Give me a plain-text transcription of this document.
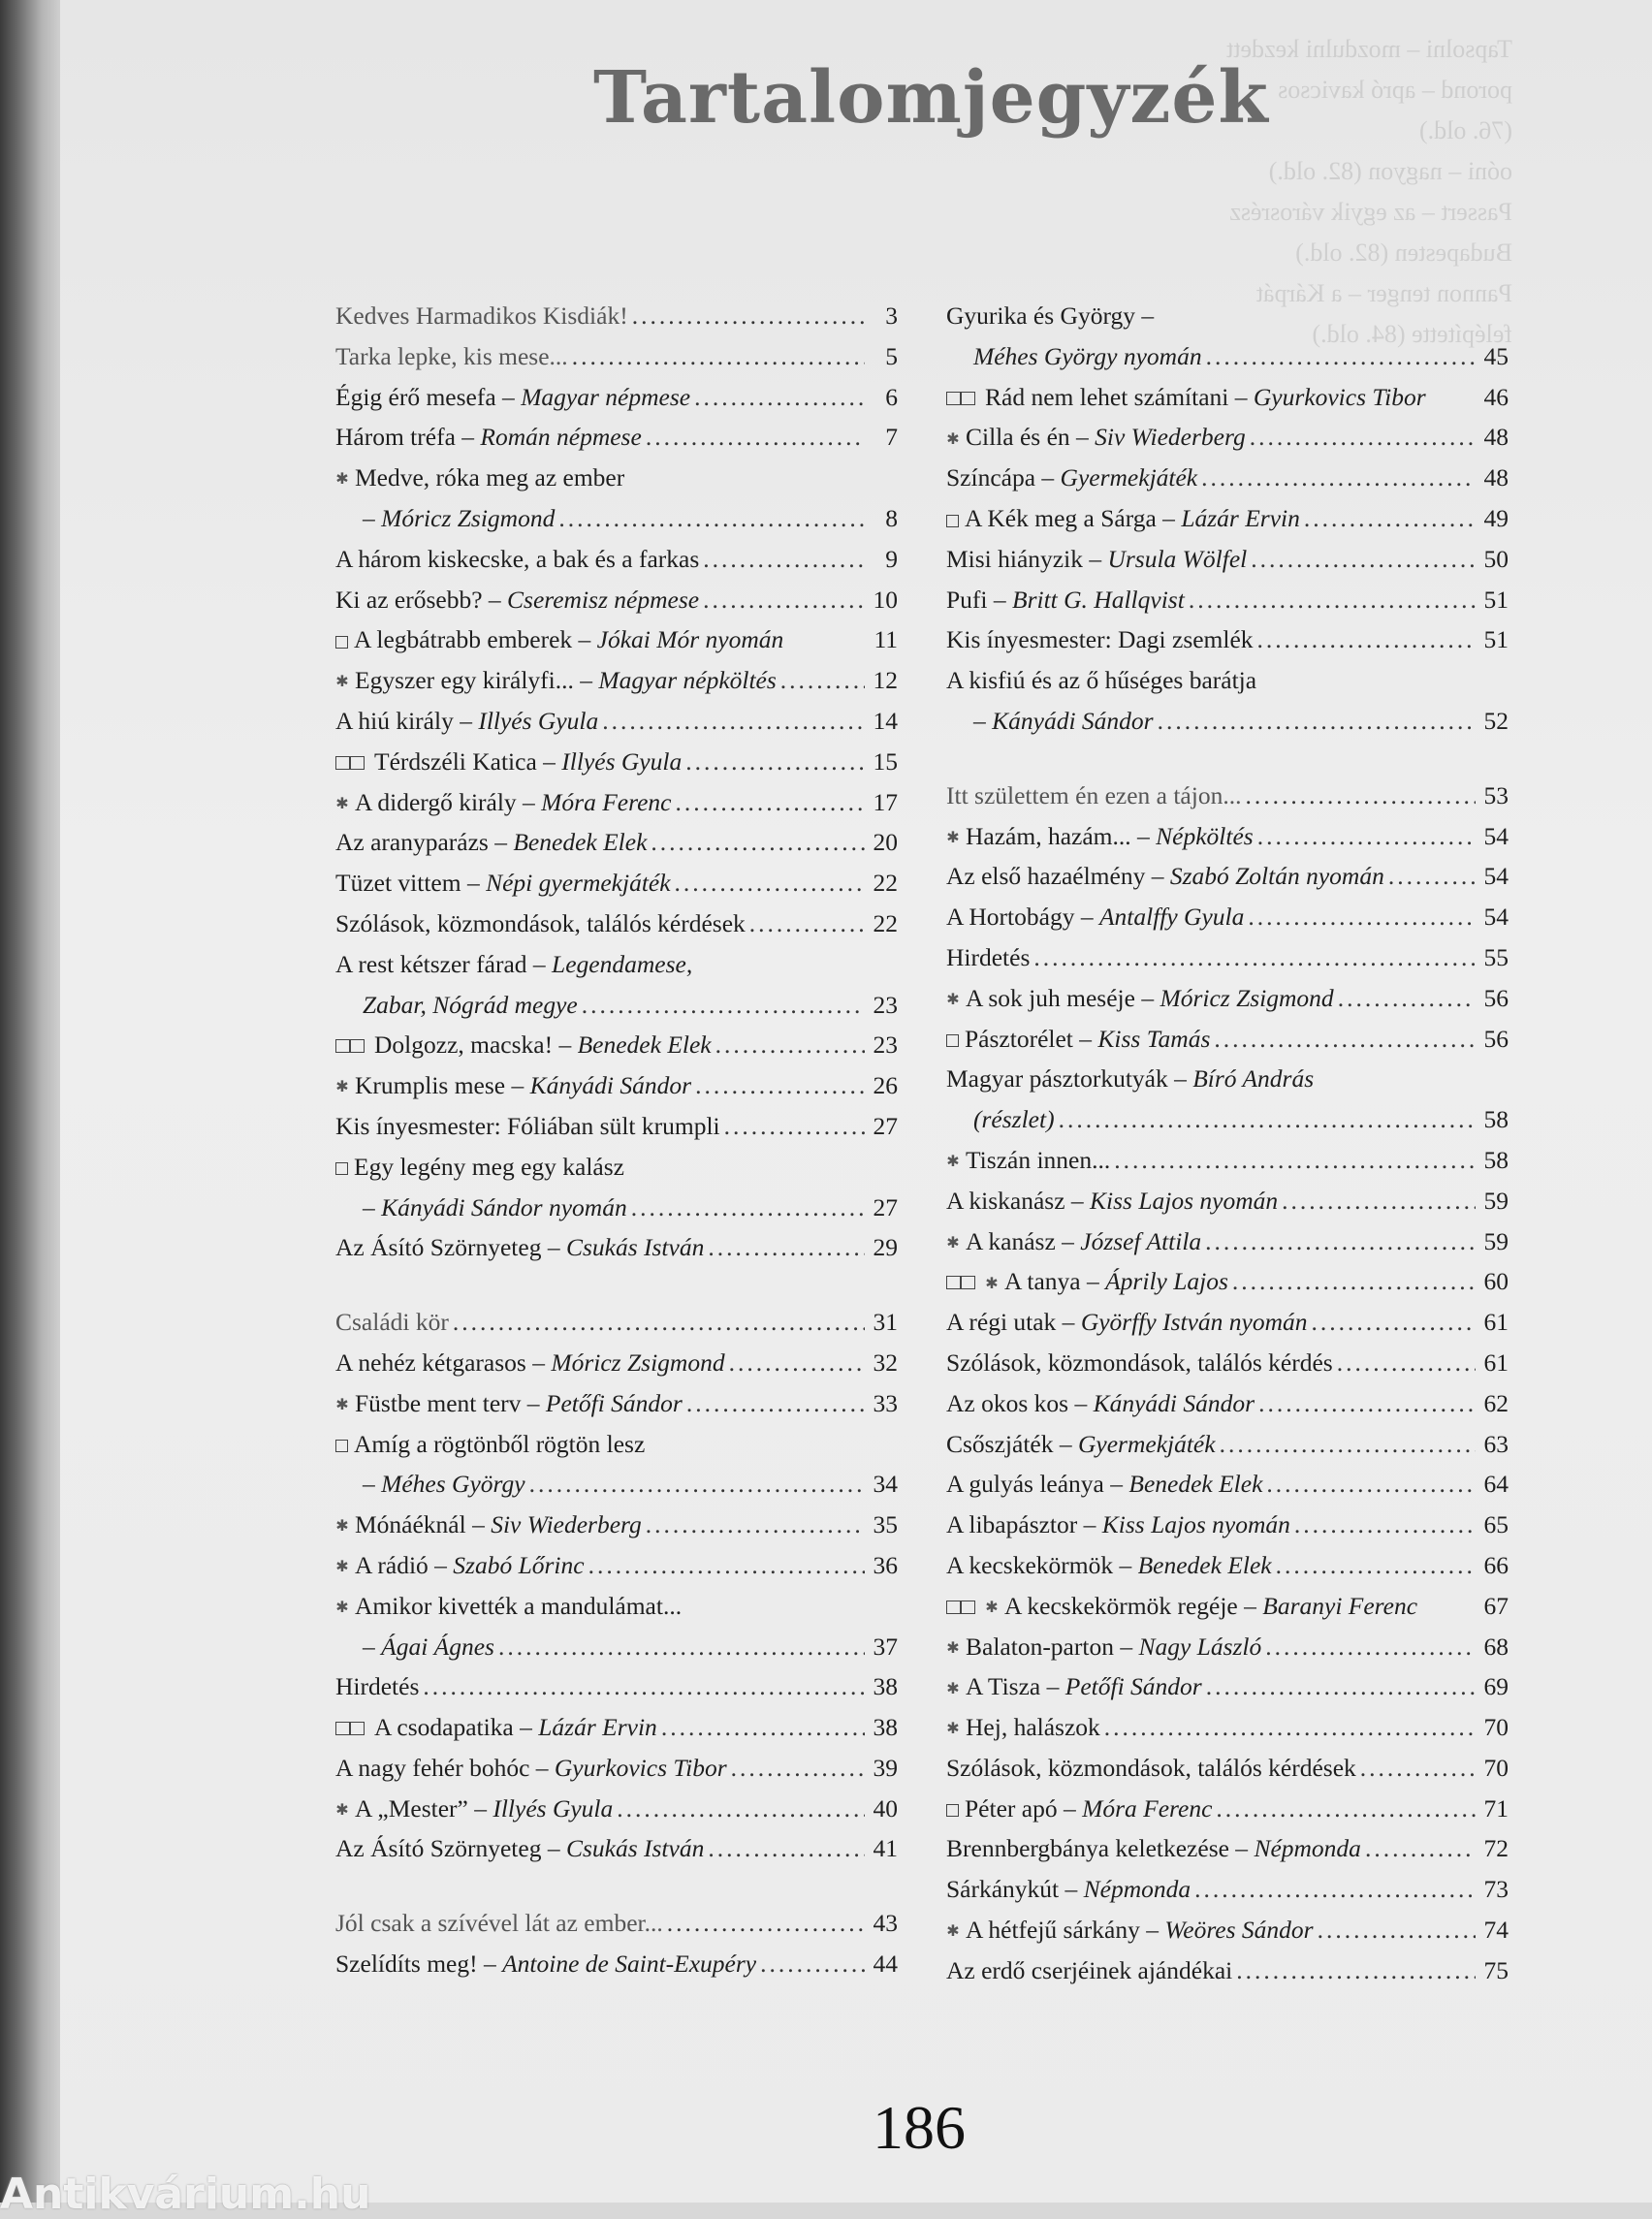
Tapsolni – mozdulni kezdett
porond – apró kavicsos
(76. old.)
oóni – nagyon (82. old.)
Passert – az egyik városrész
Budapesten (82. old.)
Pannon tenger – a Kárpát
felépítette (84. old.)
Tartalomjegyzék
Kedves Harmadikos Kisdiák! .....	3
Tarka lepke, kis mese... .....	5
Égig érő mesefa – Magyar népmese .....	6
Három tréfa – Román népmese .....	7
✱ Medve, róka meg az ember
– Móricz Zsigmond .....	8
A három kiskecske, a bak és a farkas .....	9
Ki az erősebb? – Cseremisz népmese .....	10
A legbátrabb emberek – Jókai Mór nyomán	11
✱ Egyszer egy királyfi... – Magyar népköltés .....	12
A hiú király – Illyés Gyula .....	14
Térdszéli Katica – Illyés Gyula .....	15
✱ A didergő király – Móra Ferenc .....	17
Az aranyparázs – Benedek Elek .....	20
Tüzet vittem – Népi gyermekjáték .....	22
Szólások, közmondások, találós kérdések .....	22
A rest kétszer fárad – Legendamese,
Zabar, Nógrád megye .....	23
Dolgozz, macska! – Benedek Elek .....	23
✱ Krumplis mese – Kányádi Sándor .....	26
Kis ínyesmester: Fóliában sült krumpli .....	27
Egy legény meg egy kalász
– Kányádi Sándor nyomán .....	27
Az Ásító Szörnyeteg – Csukás István .....	29
Családi kör .....	31
A nehéz kétgarasos – Móricz Zsigmond .....	32
✱ Füstbe ment terv – Petőfi Sándor .....	33
Amíg a rögtönből rögtön lesz
– Méhes György .....	34
✱ Mónáéknál – Siv Wiederberg .....	35
✱ A rádió – Szabó Lőrinc .....	36
✱ Amikor kivették a mandulámat...
– Ágai Ágnes .....	37
Hirdetés .....	38
A csodapatika – Lázár Ervin .....	38
A nagy fehér bohóc – Gyurkovics Tibor .....	39
✱ A „Mester” – Illyés Gyula .....	40
Az Ásító Szörnyeteg – Csukás István .....	41
Jól csak a szívével lát az ember... .....	43
Szelídíts meg! – Antoine de Saint-Exupéry .....	44
Gyurika és György –
Méhes György nyomán .....	45
Rád nem lehet számítani – Gyurkovics Tibor 46
✱ Cilla és én – Siv Wiederberg .....	48
Színcápa – Gyermekjáték .....	48
A Kék meg a Sárga – Lázár Ervin .....	49
Misi hiányzik – Ursula Wölfel .....	50
Pufi – Britt G. Hallqvist .....	51
Kis ínyesmester: Dagi zsemlék .....	51
A kisfiú és az ő hűséges barátja
– Kányádi Sándor .....	52
Itt születtem én ezen a tájon... .....	53
✱ Hazám, hazám... – Népköltés .....	54
Az első hazaélmény – Szabó Zoltán nyomán .....	54
A Hortobágy – Antalffy Gyula .....	54
Hirdetés .....	55
✱ A sok juh meséje – Móricz Zsigmond .....	56
Pásztorélet – Kiss Tamás .....	56
Magyar pásztorkutyák – Bíró András
(részlet) .....	58
✱ Tiszán innen... .....	58
A kiskanász – Kiss Lajos nyomán .....	59
✱ A kanász – József Attila .....	59
✱ A tanya – Áprily Lajos .....	60
A régi utak – Györffy István nyomán .....	61
Szólások, közmondások, találós kérdés .....	61
Az okos kos – Kányádi Sándor .....	62
Csőszjáték – Gyermekjáték .....	63
A gulyás leánya – Benedek Elek .....	64
A libapásztor – Kiss Lajos nyomán .....	65
A kecskekörmök – Benedek Elek .....	66
✱ A kecskekörmök regéje – Baranyi Ferenc	67
✱ Balaton-parton – Nagy László .....	68
✱ A Tisza – Petőfi Sándor .....	69
✱ Hej, halászok .....	70
Szólások, közmondások, találós kérdések .....	70
Péter apó – Móra Ferenc .....	71
Brennbergbánya keletkezése – Népmonda .....	72
Sárkánykút – Népmonda .....	73
✱ A hétfejű sárkány – Weöres Sándor .....	74
Az erdő cserjéinek ajándékai .....	75
186
Antikvárium.hu
